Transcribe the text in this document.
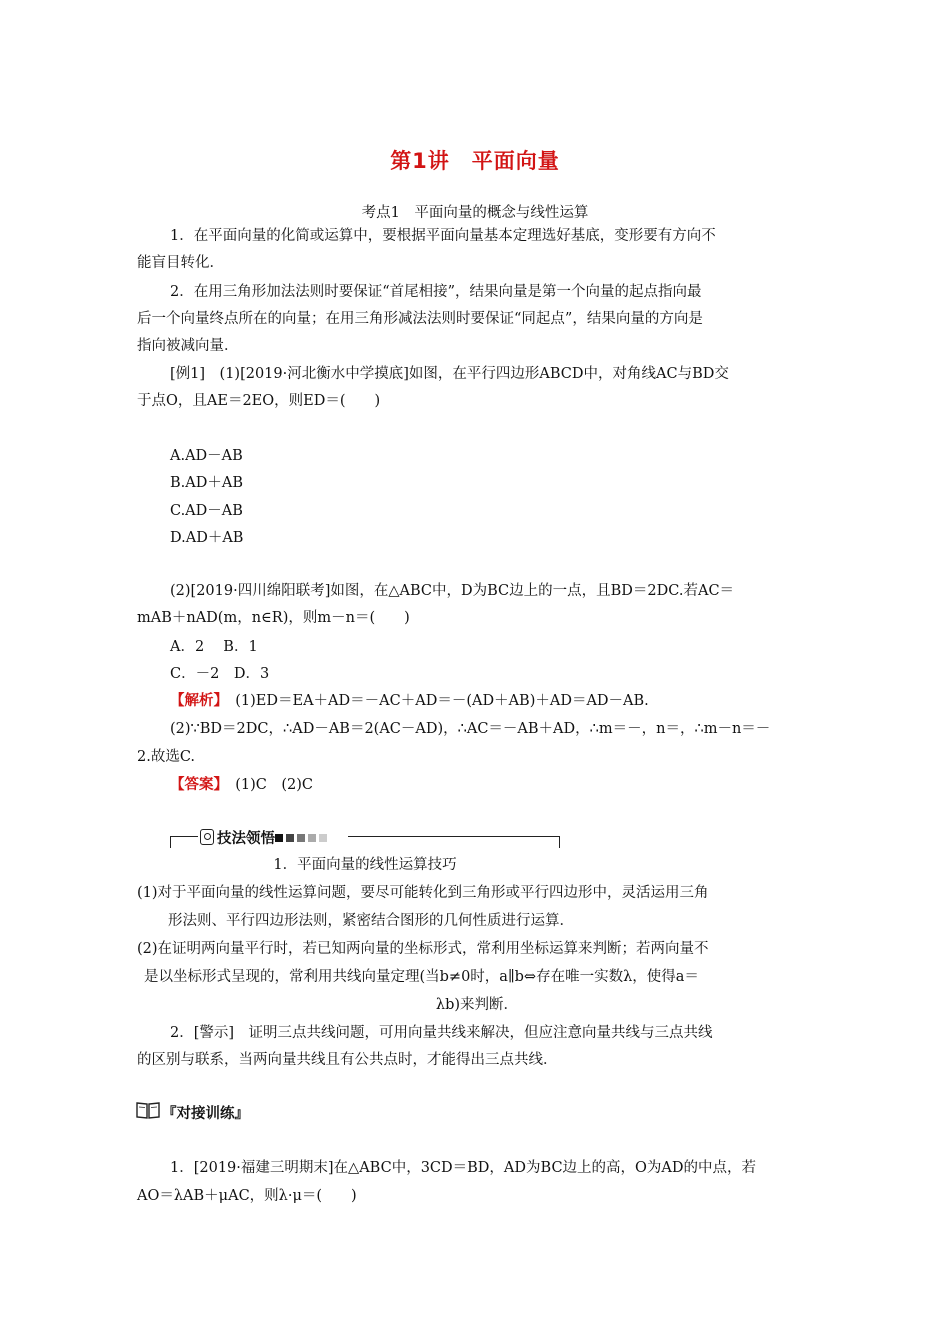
第1讲　平面向量
考点1　平面向量的概念与线性运算
1．在平面向量的化简或运算中，要根据平面向量基本定理选好基底，变形要有方向不
能盲目转化．
2．在用三角形加法法则时要保证“首尾相接”，结果向量是第一个向量的起点指向最
后一个向量终点所在的向量；在用三角形减法法则时要保证“同起点”，结果向量的方向是
指向被减向量．
[例1]　(1)[2019·河北衡水中学摸底]如图，在平行四边形ABCD中，对角线AC与BD交
于点O，且AE＝2EO，则ED＝(　　)
A.AD－AB
B.AD＋AB
C.AD－AB
D.AD＋AB
(2)[2019·四川绵阳联考]如图，在△ABC中，D为BC边上的一点，且BD＝2DC.若AC＝
mAB＋nAD(m，n∈R)，则m－n＝(　　)
A．2　 B．1
C．－2　D．3
【解析】　(1)ED＝EA＋AD＝－AC＋AD＝－(AD＋AB)＋AD＝AD－AB.
(2)∵BD＝2DC，∴AD－AB＝2(AC－AD)，∴AC＝－AB＋AD，∴m＝－，n＝，∴m－n＝－
2.故选C.
【答案】　(1)C　(2)C
技法领悟
1．平面向量的线性运算技巧
(1)对于平面向量的线性运算问题，要尽可能转化到三角形或平行四边形中，灵活运用三角
形法则、平行四边形法则，紧密结合图形的几何性质进行运算．
(2)在证明两向量平行时，若已知两向量的坐标形式，常利用坐标运算来判断；若两向量不
是以坐标形式呈现的，常利用共线向量定理(当b≠0时，a∥b⇔存在唯一实数λ，使得a＝
λb)来判断．
2．[警示]　证明三点共线问题，可用向量共线来解决，但应注意向量共线与三点共线
的区别与联系，当两向量共线且有公共点时，才能得出三点共线．
『对接训练』
1．[2019·福建三明期末]在△ABC中，3CD＝BD，AD为BC边上的高，O为AD的中点，若
AO＝λAB＋μAC，则λ·μ＝(　　)
